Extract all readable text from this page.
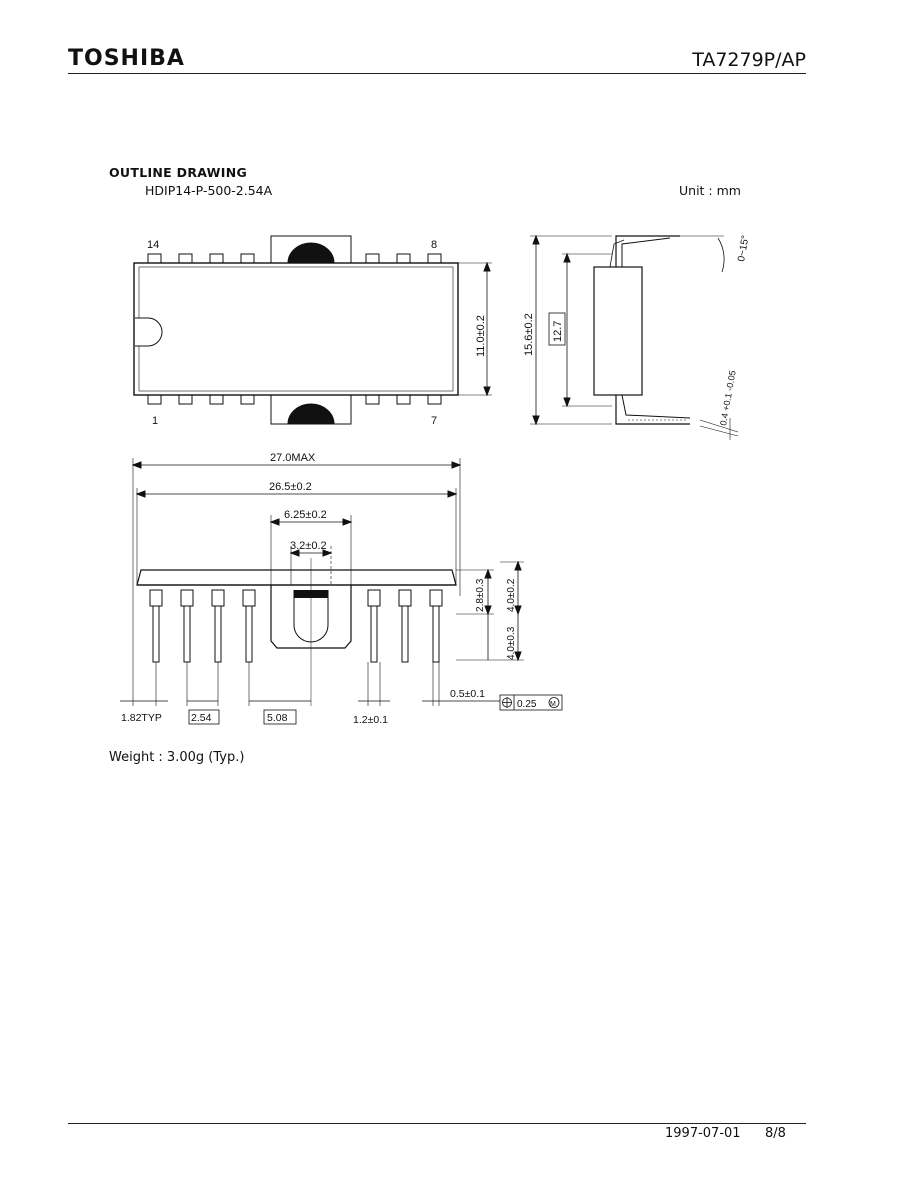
TOSHIBA	TA7279P/AP
OUTLINE DRAWING
HDIP14-P-500-2.54A	Unit : mm
14	8
1	7
11.0±0.2	15.6±0.2 12.7
0~15°
0.4 +0.1 -0.05
27.0MAX
26.5±0.2
6.25±0.2
3.2±0.2
2.8±0.3 4.0±0.2
4.0±0.3
1.82TYP	2.54	5.08	1.2±0.1
0.5±0.1
0.25 M
Weight : 3.00g (Typ.)
1997-07-01 8/8
